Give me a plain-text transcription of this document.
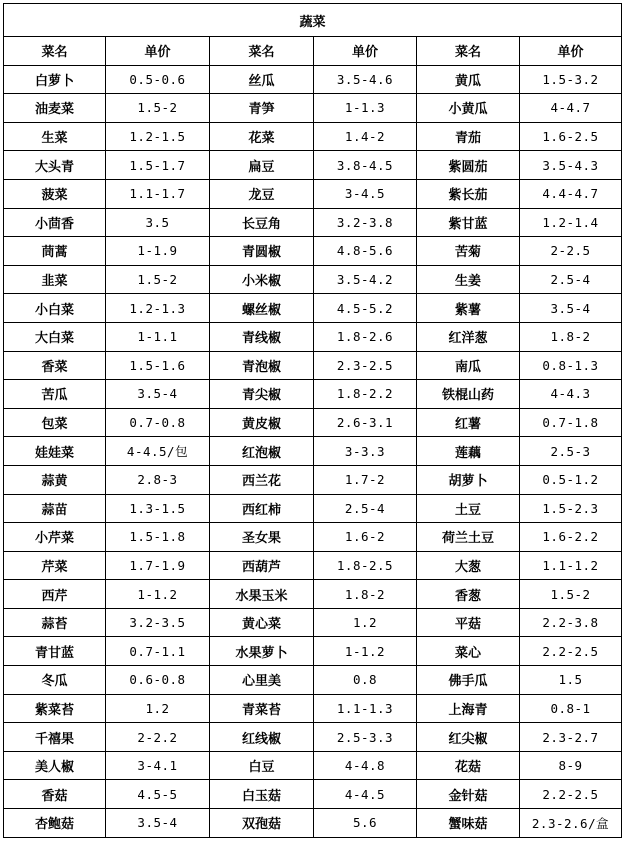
蔬菜					
菜名	单价	菜名	单价	菜名	单价
白萝卜	0.5-0.6	丝瓜	3.5-4.6	黄瓜	1.5-3.2
油麦菜	1.5-2	青笋	1-1.3	小黄瓜	4-4.7
生菜	1.2-1.5	花菜	1.4-2	青茄	1.6-2.5
大头青	1.5-1.7	扁豆	3.8-4.5	紫圆茄	3.5-4.3
菠菜	1.1-1.7	龙豆	3-4.5	紫长茄	4.4-4.7
小茴香	3.5	长豆角	3.2-3.8	紫甘蓝	1.2-1.4
茼蒿	1-1.9	青圆椒	4.8-5.6	苦菊	2-2.5
韭菜	1.5-2	小米椒	3.5-4.2	生姜	2.5-4
小白菜	1.2-1.3	螺丝椒	4.5-5.2	紫薯	3.5-4
大白菜	1-1.1	青线椒	1.8-2.6	红洋葱	1.8-2
香菜	1.5-1.6	青泡椒	2.3-2.5	南瓜	0.8-1.3
苦瓜	3.5-4	青尖椒	1.8-2.2	铁棍山药	4-4.3
包菜	0.7-0.8	黄皮椒	2.6-3.1	红薯	0.7-1.8
娃娃菜	4-4.5/包	红泡椒	3-3.3	莲藕	2.5-3
蒜黄	2.8-3	西兰花	1.7-2	胡萝卜	0.5-1.2
蒜苗	1.3-1.5	西红柿	2.5-4	土豆	1.5-2.3
小芹菜	1.5-1.8	圣女果	1.6-2	荷兰土豆	1.6-2.2
芹菜	1.7-1.9	西葫芦	1.8-2.5	大葱	1.1-1.2
西芹	1-1.2	水果玉米	1.8-2	香葱	1.5-2
蒜苔	3.2-3.5	黄心菜	1.2	平菇	2.2-3.8
青甘蓝	0.7-1.1	水果萝卜	1-1.2	菜心	2.2-2.5
冬瓜	0.6-0.8	心里美	0.8	佛手瓜	1.5
紫菜苔	1.2	青菜苔	1.1-1.3	上海青	0.8-1
千禧果	2-2.2	红线椒	2.5-3.3	红尖椒	2.3-2.7
美人椒	3-4.1	白豆	4-4.8	花菇	8-9
香菇	4.5-5	白玉菇	4-4.5	金针菇	2.2-2.5
杏鲍菇	3.5-4	双孢菇	5.6	蟹味菇	2.3-2.6/盒
